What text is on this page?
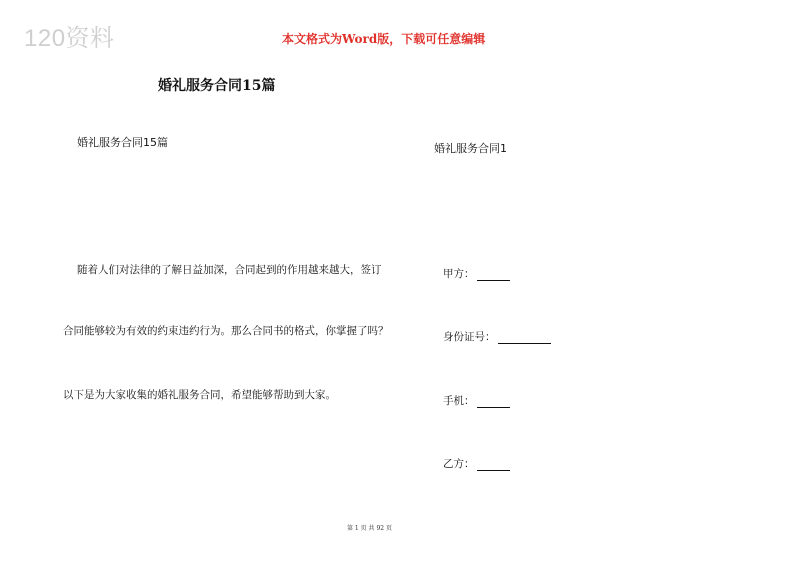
120资料	本文格式为Word版，下载可任意编辑
婚礼服务合同15篇
婚礼服务合同15篇	婚礼服务合同1
随着人们对法律的了解日益加深，合同起到的作用越来越大，签订
合同能够较为有效的约束违约行为。那么合同书的格式，你掌握了吗？
以下是为大家收集的婚礼服务合同，希望能够帮助到大家。
甲方：
身份证号：
手机：
乙方：
第 1 页 共 92 页
